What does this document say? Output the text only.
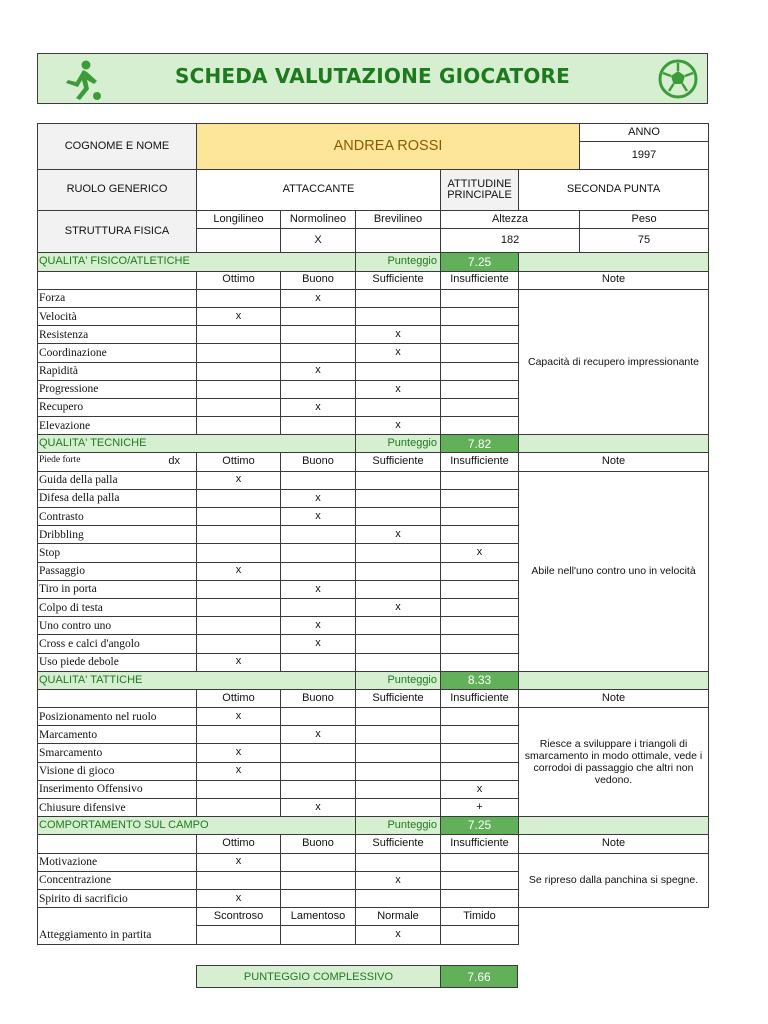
SCHEDA VALUTAZIONE GIOCATORE
COGNOME E NOME	ANDREA ROSSI					ANNO
						1997
RUOLO GENERICO	ATTACCANTE			ATTITUDINE PRINCIPALE	SECONDA PUNTA	
STRUTTURA FISICA	Longilineo	Normolineo	Brevilineo	Altezza		Peso
		X		182		75
QUALITA' FISICO/ATLETICHE			Punteggio	7.25		
	Ottimo	Buono	Sufficiente	Insufficiente	Note	
Forza		x			Capacità di recupero impressionante	
Velocità	x					
Resistenza			x			
Coordinazione			x			
Rapidità		x				
Progressione			x			
Recupero		x				
Elevazione			x			
QUALITA' TECNICHE			Punteggio	7.82		
Piede forte dx	Ottimo	Buono	Sufficiente	Insufficiente	Note	
Guida della palla	x				Abile nell'uno contro uno in velocità	
Difesa della palla		x				
Contrasto		x				
Dribbling			x			
Stop				x		
Passaggio	x					
Tiro in porta		x				
Colpo di testa			x			
Uno contro uno		x				
Cross e calci d'angolo		x				
Uso piede debole	x					
QUALITA' TATTICHE			Punteggio	8.33		
	Ottimo	Buono	Sufficiente	Insufficiente	Note	
Posizionamento nel ruolo	x				Riesce a sviluppare i triangoli di smarcamento in modo ottimale, vede i corrodoi di passaggio che altri non vedono.	
Marcamento		x				
Smarcamento	x					
Visione di gioco	x					
Inserimento Offensivo				x		
Chiusure difensive		x		+		
COMPORTAMENTO SUL CAMPO			Punteggio	7.25		
	Ottimo	Buono	Sufficiente	Insufficiente	Note	
Motivazione	x				Se ripreso dalla panchina si spegne.	
Concentrazione			x			
Spirito di sacrificio	x					
	Scontroso	Lamentoso	Normale	Timido		
Atteggiamento in partita			x			
PUNTEGGIO COMPLESSIVO	7.66
